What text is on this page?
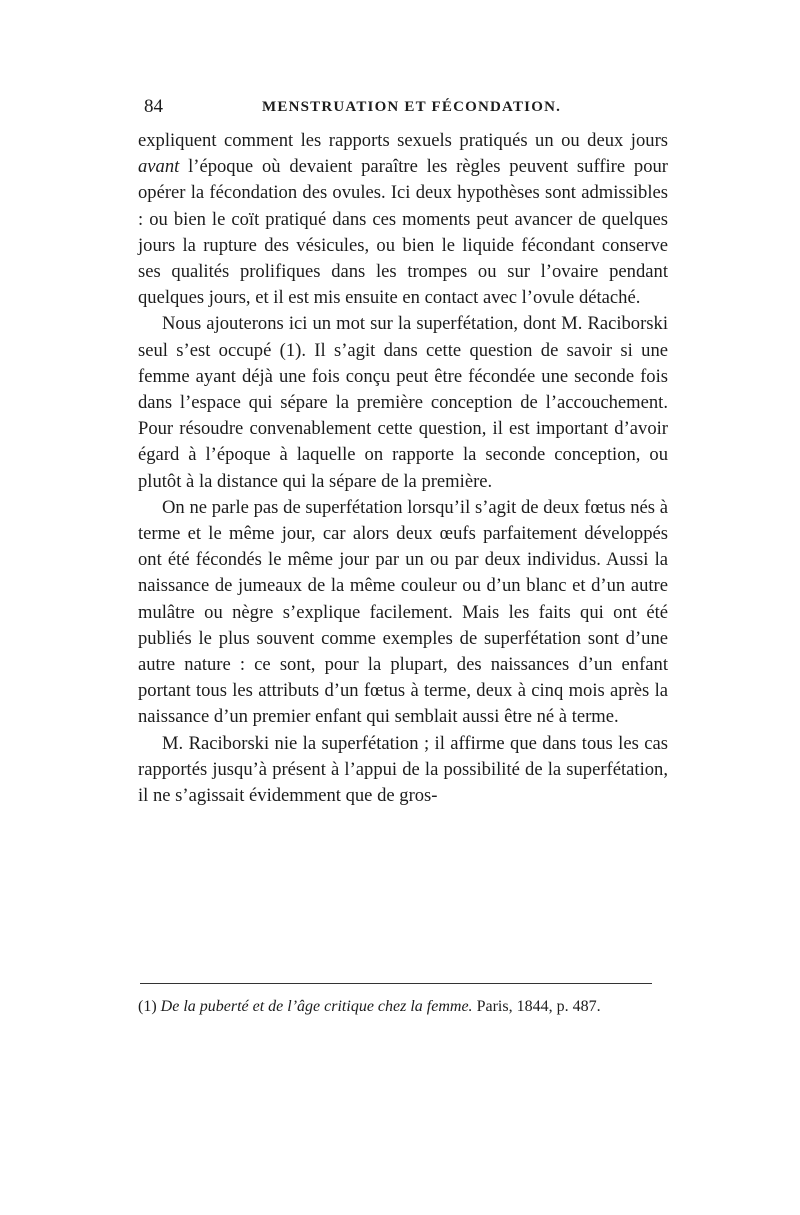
84	MENSTRUATION ET FÉCONDATION.

expliquent comment les rapports sexuels pratiqués un ou deux jours avant l’époque où devaient paraître les règles peuvent suffire pour opérer la fécondation des ovules. Ici deux hypothèses sont admissibles : ou bien le coït pratiqué dans ces moments peut avancer de quelques jours la rupture des vésicules, ou bien le liquide fécondant conserve ses qualités prolifiques dans les trompes ou sur l’ovaire pendant quelques jours, et il est mis ensuite en contact avec l’ovule détaché.

Nous ajouterons ici un mot sur la superfétation, dont M. Raciborski seul s’est occupé (1). Il s’agit dans cette question de savoir si une femme ayant déjà une fois conçu peut être fécondée une seconde fois dans l’espace qui sépare la première conception de l’accouchement. Pour résoudre convenablement cette question, il est important d’avoir égard à l’époque à laquelle on rapporte la seconde conception, ou plutôt à la distance qui la sépare de la première.

On ne parle pas de superfétation lorsqu’il s’agit de deux fœtus nés à terme et le même jour, car alors deux œufs parfaitement développés ont été fécondés le même jour par un ou par deux individus. Aussi la naissance de jumeaux de la même couleur ou d’un blanc et d’un autre mulâtre ou nègre s’explique facilement. Mais les faits qui ont été publiés le plus souvent comme exemples de superfétation sont d’une autre nature : ce sont, pour la plupart, des naissances d’un enfant portant tous les attributs d’un fœtus à terme, deux à cinq mois après la naissance d’un premier enfant qui semblait aussi être né à terme.

M. Raciborski nie la superfétation ; il affirme que dans tous les cas rapportés jusqu’à présent à l’appui de la possibilité de la superfétation, il ne s’agissait évidemment que de gros-

(1) De la puberté et de l’âge critique chez la femme. Paris, 1844, p. 487.
